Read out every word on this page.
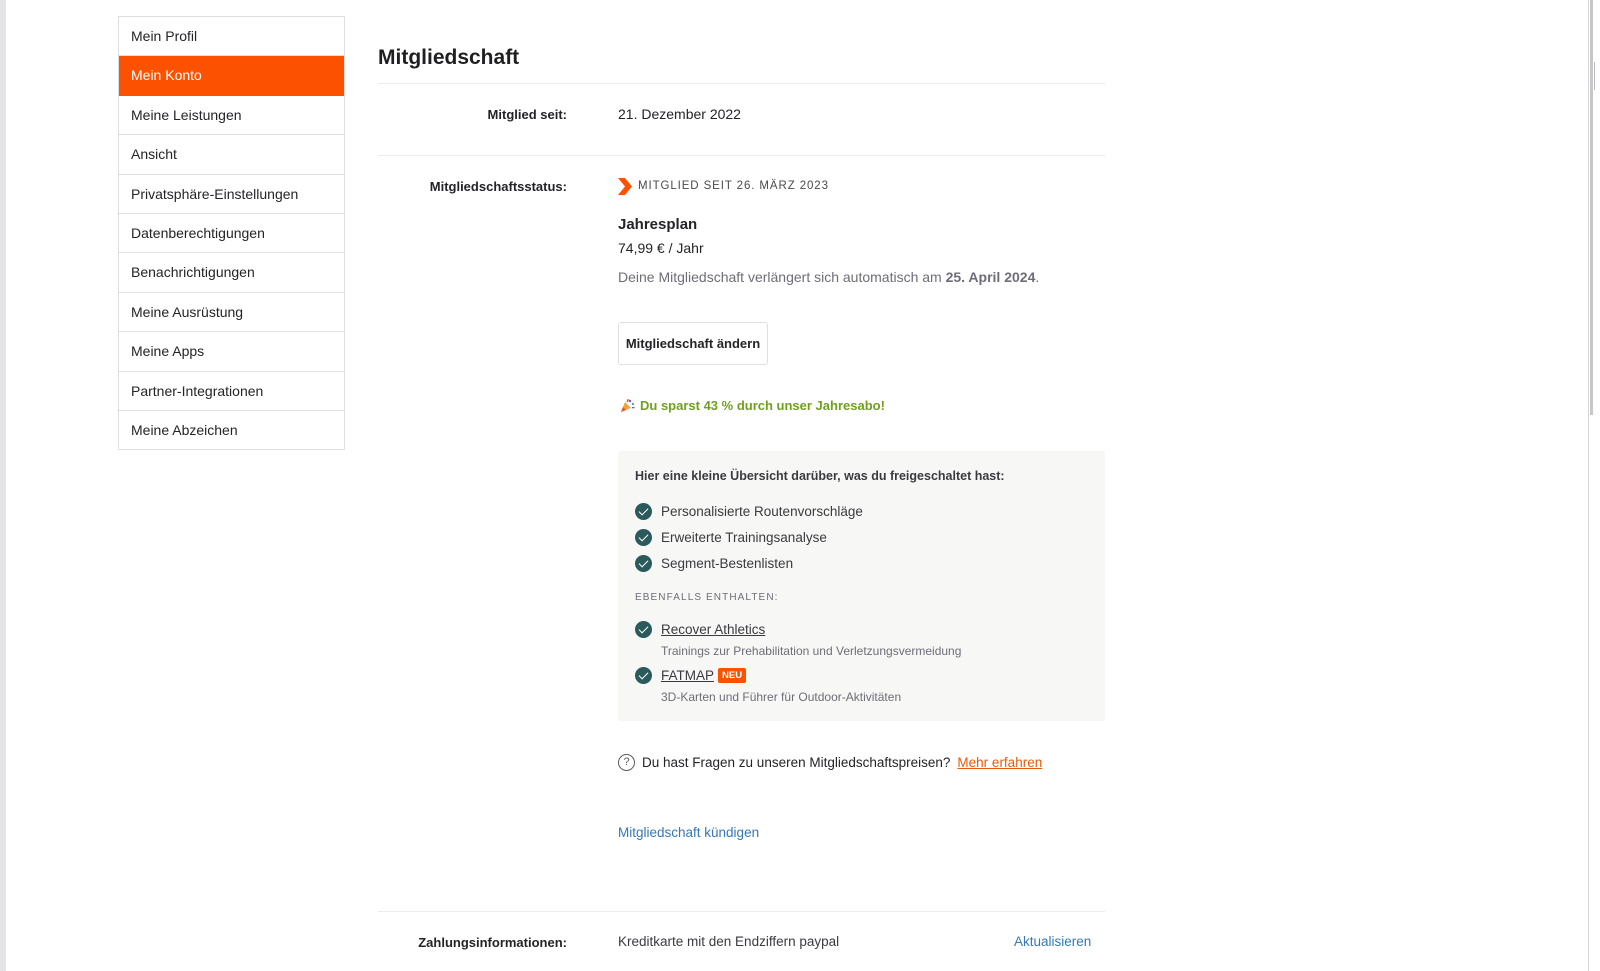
Mein Profil
Mein Konto
Meine Leistungen
Ansicht
Privatsphäre-Einstellungen
Datenberechtigungen
Benachrichtigungen
Meine Ausrüstung
Meine Apps
Partner-Integrationen
Meine Abzeichen
Mitgliedschaft
Mitglied seit:	21. Dezember 2022
Mitgliedschaftsstatus:	MITGLIED SEIT 26. MÄRZ 2023
Jahresplan
74,99 € / Jahr
Deine Mitgliedschaft verlängert sich automatisch am 25. April 2024.
Mitgliedschaft ändern
Du sparst 43 % durch unser Jahresabo!
Hier eine kleine Übersicht darüber, was du freigeschaltet hast:
Personalisierte Routenvorschläge
Erweiterte Trainingsanalyse
Segment-Bestenlisten
EBENFALLS ENTHALTEN:
Recover Athletics
Trainings zur Prehabilitation und Verletzungsvermeidung
FATMAP NEU
3D-Karten und Führer für Outdoor-Aktivitäten
? Du hast Fragen zu unseren Mitgliedschaftspreisen? Mehr erfahren
Mitgliedschaft kündigen
Zahlungsinformationen:	Kreditkarte mit den Endziffern paypal	Aktualisieren
